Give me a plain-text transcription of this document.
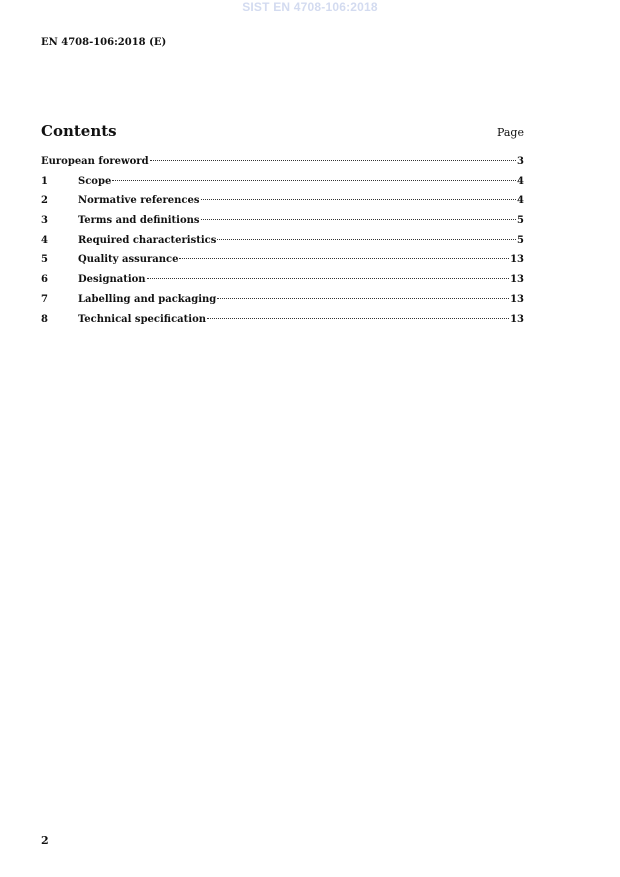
SIST EN 4708-106:2018
EN 4708-106:2018 (E)
Contents	Page
European foreword	3
1	Scope	4
2	Normative references	4
3	Terms and definitions	5
4	Required characteristics	5
5	Quality assurance	13
6	Designation	13
7	Labelling and packaging	13
8	Technical specification	13
2
